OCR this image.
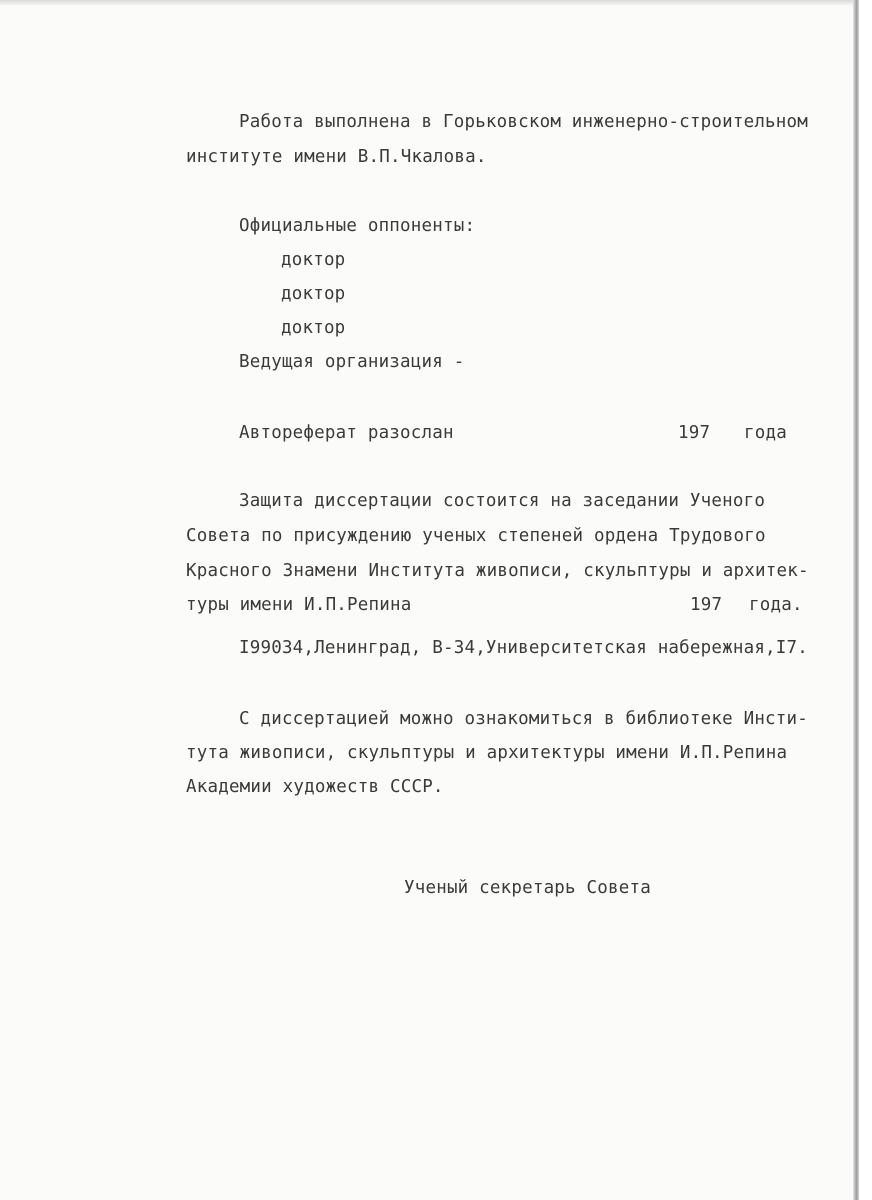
Работа выполнена в Горьковском инженерно-строительном
институте имени В.П.Чкалова.
Официальные оппоненты:
доктор
доктор
доктор
Ведущая организация -
Автореферат разослан	197 года
Защита диссертации состоится на заседании Ученого
Совета по присуждению ученых степеней ордена Трудового
Красного Знамени Института живописи, скульптуры и архитек-
туры имени И.П.Репина	197 года.
I99034,Ленинград, В-34,Университетская набережная,I7.
С диссертацией можно ознакомиться в библиотеке Инсти-
тута живописи, скульптуры и архитектуры имени И.П.Репина
Академии художеств СССР.
Ученый секретарь Совета
